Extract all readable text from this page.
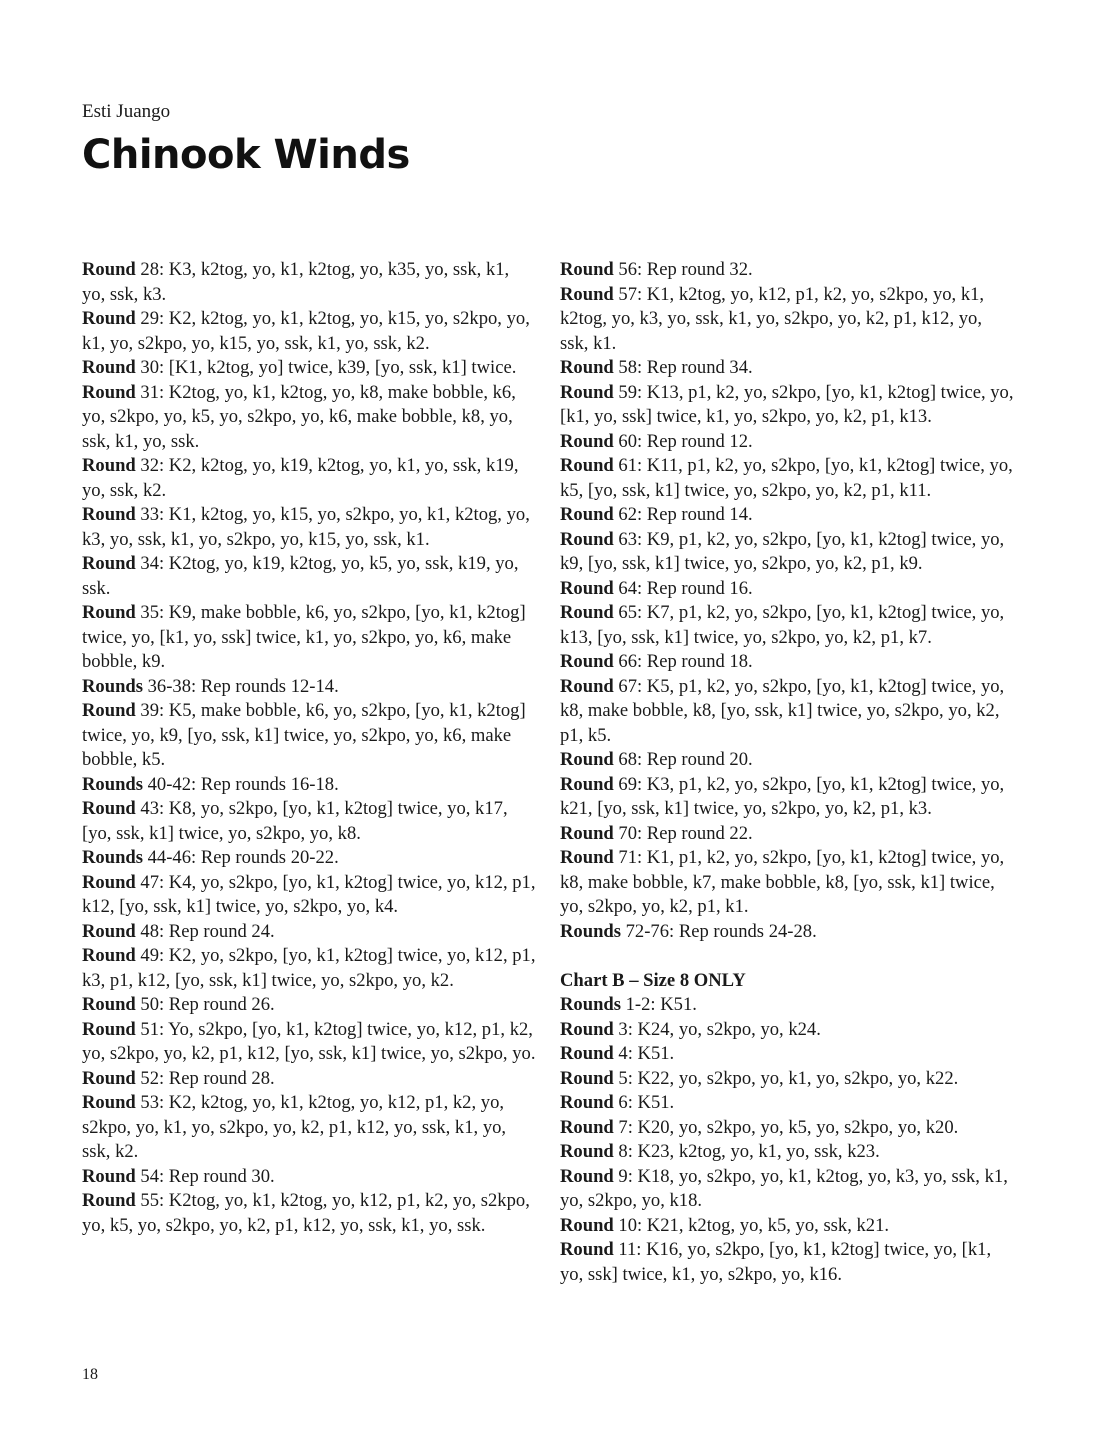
Esti Juango
Chinook Winds

Round 28: K3, k2tog, yo, k1, k2tog, yo, k35, yo, ssk, k1, yo, ssk, k3.

Round 29: K2, k2tog, yo, k1, k2tog, yo, k15, yo, s2kpo, yo, k1, yo, s2kpo, yo, k15, yo, ssk, k1, yo, ssk, k2.

Round 30: [K1, k2tog, yo] twice, k39, [yo, ssk, k1] twice.

Round 31: K2tog, yo, k1, k2tog, yo, k8, make bobble, k6, yo, s2kpo, yo, k5, yo, s2kpo, yo, k6, make bobble, k8, yo, ssk, k1, yo, ssk.

Round 32: K2, k2tog, yo, k19, k2tog, yo, k1, yo, ssk, k19, yo, ssk, k2.

Round 33: K1, k2tog, yo, k15, yo, s2kpo, yo, k1, k2tog, yo, k3, yo, ssk, k1, yo, s2kpo, yo, k15, yo, ssk, k1.

Round 34: K2tog, yo, k19, k2tog, yo, k5, yo, ssk, k19, yo, ssk.

Round 35: K9, make bobble, k6, yo, s2kpo, [yo, k1, k2tog] twice, yo, [k1, yo, ssk] twice, k1, yo, s2kpo, yo, k6, make bobble, k9.

Rounds 36-38: Rep rounds 12-14.

Round 39: K5, make bobble, k6, yo, s2kpo, [yo, k1, k2tog] twice, yo, k9, [yo, ssk, k1] twice, yo, s2kpo, yo, k6, make bobble, k5.

Rounds 40-42: Rep rounds 16-18.

Round 43: K8, yo, s2kpo, [yo, k1, k2tog] twice, yo, k17, [yo, ssk, k1] twice, yo, s2kpo, yo, k8.

Rounds 44-46: Rep rounds 20-22.

Round 47: K4, yo, s2kpo, [yo, k1, k2tog] twice, yo, k12, p1, k12, [yo, ssk, k1] twice, yo, s2kpo, yo, k4.

Round 48: Rep round 24.

Round 49: K2, yo, s2kpo, [yo, k1, k2tog] twice, yo, k12, p1, k3, p1, k12, [yo, ssk, k1] twice, yo, s2kpo, yo, k2.

Round 50: Rep round 26.

Round 51: Yo, s2kpo, [yo, k1, k2tog] twice, yo, k12, p1, k2, yo, s2kpo, yo, k2, p1, k12, [yo, ssk, k1] twice, yo, s2kpo, yo.

Round 52: Rep round 28.

Round 53: K2, k2tog, yo, k1, k2tog, yo, k12, p1, k2, yo, s2kpo, yo, k1, yo, s2kpo, yo, k2, p1, k12, yo, ssk, k1, yo, ssk, k2.

Round 54: Rep round 30.

Round 55: K2tog, yo, k1, k2tog, yo, k12, p1, k2, yo, s2kpo, yo, k5, yo, s2kpo, yo, k2, p1, k12, yo, ssk, k1, yo, ssk.

Round 56: Rep round 32.

Round 57: K1, k2tog, yo, k12, p1, k2, yo, s2kpo, yo, k1, k2tog, yo, k3, yo, ssk, k1, yo, s2kpo, yo, k2, p1, k12, yo, ssk, k1.

Round 58: Rep round 34.

Round 59: K13, p1, k2, yo, s2kpo, [yo, k1, k2tog] twice, yo, [k1, yo, ssk] twice, k1, yo, s2kpo, yo, k2, p1, k13.

Round 60: Rep round 12.

Round 61: K11, p1, k2, yo, s2kpo, [yo, k1, k2tog] twice, yo, k5, [yo, ssk, k1] twice, yo, s2kpo, yo, k2, p1, k11.

Round 62: Rep round 14.

Round 63: K9, p1, k2, yo, s2kpo, [yo, k1, k2tog] twice, yo, k9, [yo, ssk, k1] twice, yo, s2kpo, yo, k2, p1, k9.

Round 64: Rep round 16.

Round 65: K7, p1, k2, yo, s2kpo, [yo, k1, k2tog] twice, yo, k13, [yo, ssk, k1] twice, yo, s2kpo, yo, k2, p1, k7.

Round 66: Rep round 18.

Round 67: K5, p1, k2, yo, s2kpo, [yo, k1, k2tog] twice, yo, k8, make bobble, k8, [yo, ssk, k1] twice, yo, s2kpo, yo, k2, p1, k5.

Round 68: Rep round 20.

Round 69: K3, p1, k2, yo, s2kpo, [yo, k1, k2tog] twice, yo, k21, [yo, ssk, k1] twice, yo, s2kpo, yo, k2, p1, k3.

Round 70: Rep round 22.

Round 71: K1, p1, k2, yo, s2kpo, [yo, k1, k2tog] twice, yo, k8, make bobble, k7, make bobble, k8, [yo, ssk, k1] twice, yo, s2kpo, yo, k2, p1, k1.

Rounds 72-76: Rep rounds 24-28.

Chart B – Size 8 ONLY

Rounds 1-2: K51.

Round 3: K24, yo, s2kpo, yo, k24.

Round 4: K51.

Round 5: K22, yo, s2kpo, yo, k1, yo, s2kpo, yo, k22.

Round 6: K51.

Round 7: K20, yo, s2kpo, yo, k5, yo, s2kpo, yo, k20.

Round 8: K23, k2tog, yo, k1, yo, ssk, k23.

Round 9: K18, yo, s2kpo, yo, k1, k2tog, yo, k3, yo, ssk, k1, yo, s2kpo, yo, k18.

Round 10: K21, k2tog, yo, k5, yo, ssk, k21.

Round 11: K16, yo, s2kpo, [yo, k1, k2tog] twice, yo, [k1, yo, ssk] twice, k1, yo, s2kpo, yo, k16.

18
